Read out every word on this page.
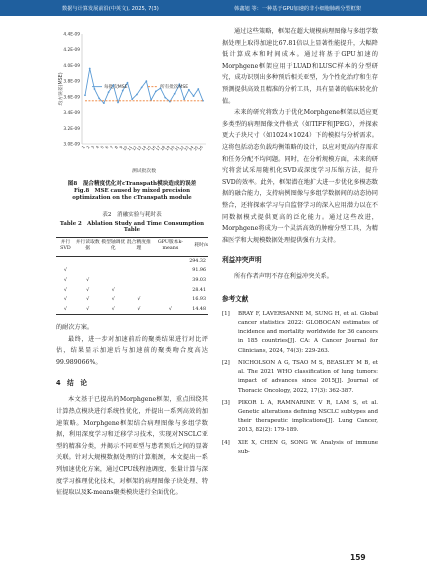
数据与计算发展前沿(中英文), 2025, 7(3)	韩鑫旭 等：一种基于GPU加速的非小细胞肺癌分型框架
4.4E-09
4.2E-09
4.0E-09
3.8E-09
3.6E-09
3.4E-09
3.2E-09
3.0E-09 1 2 3 4 5 6 7 8 9
10
11
12
13
14
15
16
17
18
19
20
21
22
23
24
25
26
每批次MSE	所有批次MSE
测试批次数
均方误差(MSE)
图8　混合精度优化对cTranspath模块造成的误差
Fig.8　MSE caused by mixed precision optimization on the cTranspath module
表2　消融实验与耗时表
Table 2　Ablation Study and Time Consumption Table
并行SVD	并行读取数据	模型轴调优化	混合精度推理	GPU版本k-means	耗时/s
					294.32
√					91.96
√	√				39.03
√	√	√			28.41
√	√	√	√		16.93
√	√	√	√	√	14.48

的耐次方案。

最终，进一步对加速前后的聚类结果进行对比评估，结果显示加速后与加速前的聚类吻合度高达99.989066%。

4　结　论

本文基于已提出的Morphgene框架，重点围绕其计算热点模块进行系统性优化，并提出一系列高效的加速策略。Morphgene框架结合病理图像与多组学数据，利用深度学习和迁移学习技术，实现对NSCLC亚型的精准分类，并揭示不同亚型与患者预后之间的显著关联。针对大规模数据处理的计算瓶颈，本文提出一系列加速优化方案，通过CPU线程池调度、张量计算与深度学习推理优化技术，对框架的病理图像子块处理、特征提取以及K-means聚类模块进行全面优化。

通过这些策略，框架在超大规模病理图像与多组学数据处理上取得加速比67.81倍以上显著性能提升，大幅降低计算成本和时间成本。通过将基于GPU加速的Morphgene框架应用于LUAD和LUSC样本的分型研究，成功识别出多种预后相关亚型，为个性化治疗和生存预测提供高效且精准的分析工具，具有显著的临床转化价值。

未来的研究将致力于优化Morphgene框架以适应更多类型的病理图像文件格式（如TIFF和JPEG），并探索更大子块尺寸（如1024×1024）下的模拟与分析需求。这将包括动态负载均衡策略的设计，以应对更高内存需求和任务分配不均问题。同时，在分析规模方面，未来的研究将尝试采用随机化SVD或深度学习压缩方法，提升SVD的效率。此外，框架潜在地扩大进一步优化多模态数据的融合能力，支持病例图像与多组学数据间的动态协同整合，还将探索学习与自监督学习的深入应用潜力以在不同数据模式提供更高的泛化能力。通过这些改进，Morphgene将成为一个灵活高效的肿瘤分型工具，为精准医学和大规模数据处理提供强有力支持。

利益冲突声明

所有作者声明不存在利益冲突关系。

参考文献
[1]	BRAY F, LAVERSANNE M, SUNG H, et al. Global cancer statistics 2022: GLOBOCAN estimates of incidence and mortality worldwide for 36 cancers in 185 countries[J]. CA: A Cancer Journal for Clinicians, 2024, 74(3): 229-263.
[2]	NICHOLSON A G, TSAO M S, BEASLEY M B, et al. The 2021 WHO classification of lung tumors: impact of advances since 2015[J]. Journal of Thoracic Oncology, 2022, 17(3): 362-387.
[3]	PIKOR L A, RAMNARINE V R, LAM S, et al. Genetic alterations defining NSCLC subtypes and their therapeutic implications[J]. Lung Cancer, 2013, 82(2): 179-189.
[4]	XIE X, CHEN G, SONG W. Analysis of immune sub-
159
